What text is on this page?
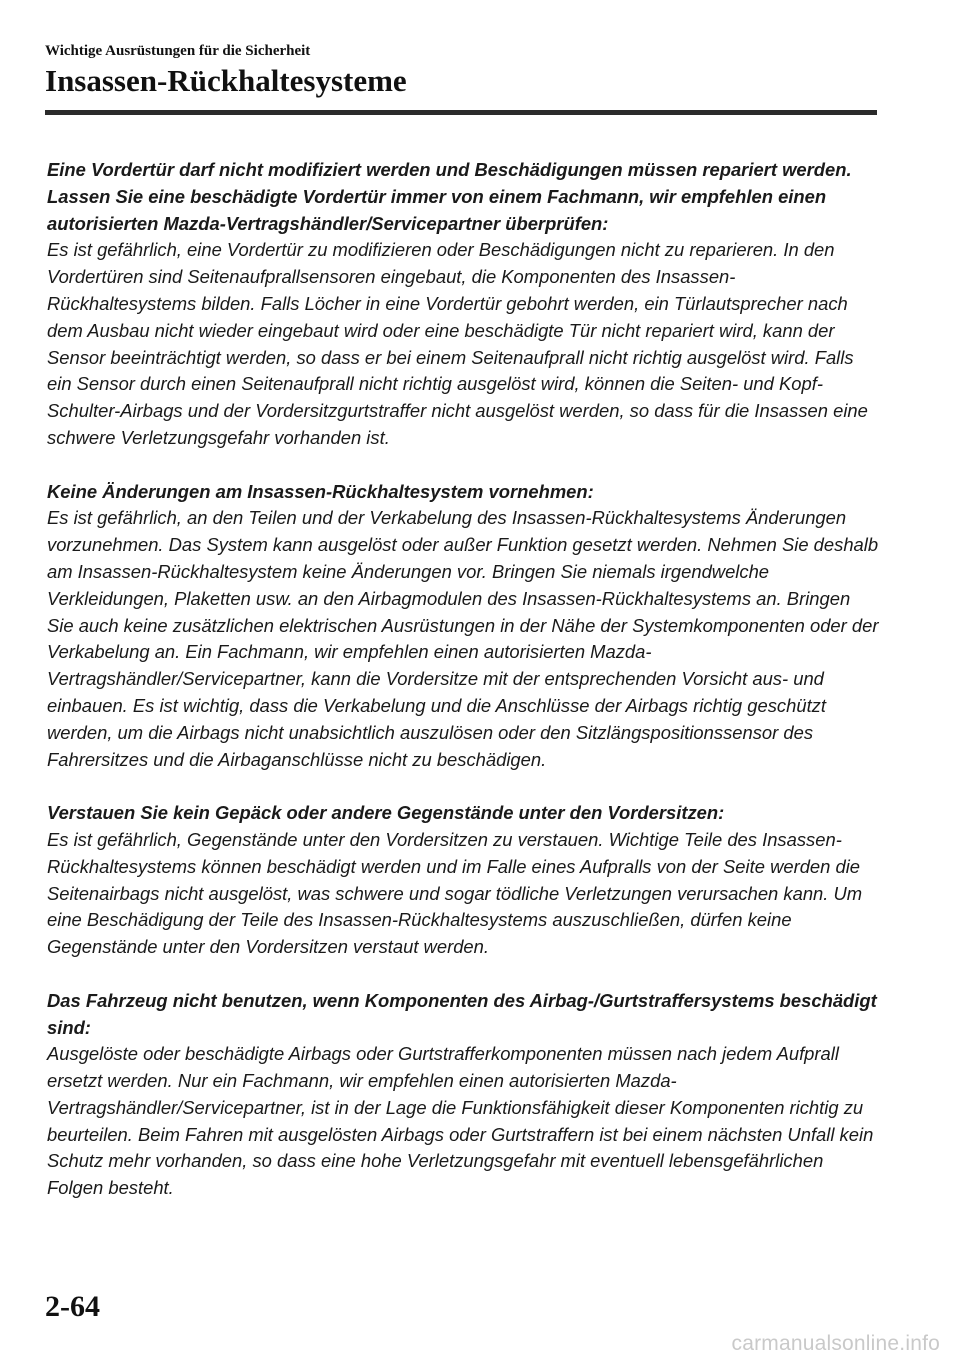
Wichtige Ausrüstungen für die Sicherheit
Insassen-Rückhaltesysteme
Eine Vordertür darf nicht modifiziert werden und Beschädigungen müssen repariert werden. Lassen Sie eine beschädigte Vordertür immer von einem Fachmann, wir empfehlen einen autorisierten Mazda-Vertragshändler/Servicepartner überprüfen:
Es ist gefährlich, eine Vordertür zu modifizieren oder Beschädigungen nicht zu reparieren. In den Vordertüren sind Seitenaufprallsensoren eingebaut, die Komponenten des Insassen-Rückhaltesystems bilden. Falls Löcher in eine Vordertür gebohrt werden, ein Türlautsprecher nach dem Ausbau nicht wieder eingebaut wird oder eine beschädigte Tür nicht repariert wird, kann der Sensor beeinträchtigt werden, so dass er bei einem Seitenaufprall nicht richtig ausgelöst wird. Falls ein Sensor durch einen Seitenaufprall nicht richtig ausgelöst wird, können die Seiten- und Kopf-Schulter-Airbags und der Vordersitzgurtstraffer nicht ausgelöst werden, so dass für die Insassen eine schwere Verletzungsgefahr vorhanden ist.
Keine Änderungen am Insassen-Rückhaltesystem vornehmen:
Es ist gefährlich, an den Teilen und der Verkabelung des Insassen-Rückhaltesystems Änderungen vorzunehmen. Das System kann ausgelöst oder außer Funktion gesetzt werden. Nehmen Sie deshalb am Insassen-Rückhaltesystem keine Änderungen vor. Bringen Sie niemals irgendwelche Verkleidungen, Plaketten usw. an den Airbagmodulen des Insassen-Rückhaltesystems an. Bringen Sie auch keine zusätzlichen elektrischen Ausrüstungen in der Nähe der Systemkomponenten oder der Verkabelung an. Ein Fachmann, wir empfehlen einen autorisierten Mazda-Vertragshändler/Servicepartner, kann die Vordersitze mit der entsprechenden Vorsicht aus- und einbauen. Es ist wichtig, dass die Verkabelung und die Anschlüsse der Airbags richtig geschützt werden, um die Airbags nicht unabsichtlich auszulösen oder den Sitzlängspositionssensor des Fahrersitzes und die Airbaganschlüsse nicht zu beschädigen.
Verstauen Sie kein Gepäck oder andere Gegenstände unter den Vordersitzen:
Es ist gefährlich, Gegenstände unter den Vordersitzen zu verstauen. Wichtige Teile des Insassen-Rückhaltesystems können beschädigt werden und im Falle eines Aufpralls von der Seite werden die Seitenairbags nicht ausgelöst, was schwere und sogar tödliche Verletzungen verursachen kann. Um eine Beschädigung der Teile des Insassen-Rückhaltesystems auszuschließen, dürfen keine Gegenstände unter den Vordersitzen verstaut werden.
Das Fahrzeug nicht benutzen, wenn Komponenten des Airbag-/Gurtstraffersystems beschädigt sind:
Ausgelöste oder beschädigte Airbags oder Gurtstrafferkomponenten müssen nach jedem Aufprall ersetzt werden. Nur ein Fachmann, wir empfehlen einen autorisierten Mazda-Vertragshändler/Servicepartner, ist in der Lage die Funktionsfähigkeit dieser Komponenten richtig zu beurteilen. Beim Fahren mit ausgelösten Airbags oder Gurtstraffern ist bei einem nächsten Unfall kein Schutz mehr vorhanden, so dass eine hohe Verletzungsgefahr mit eventuell lebensgefährlichen Folgen besteht.
2-64
carmanualsonline.info
